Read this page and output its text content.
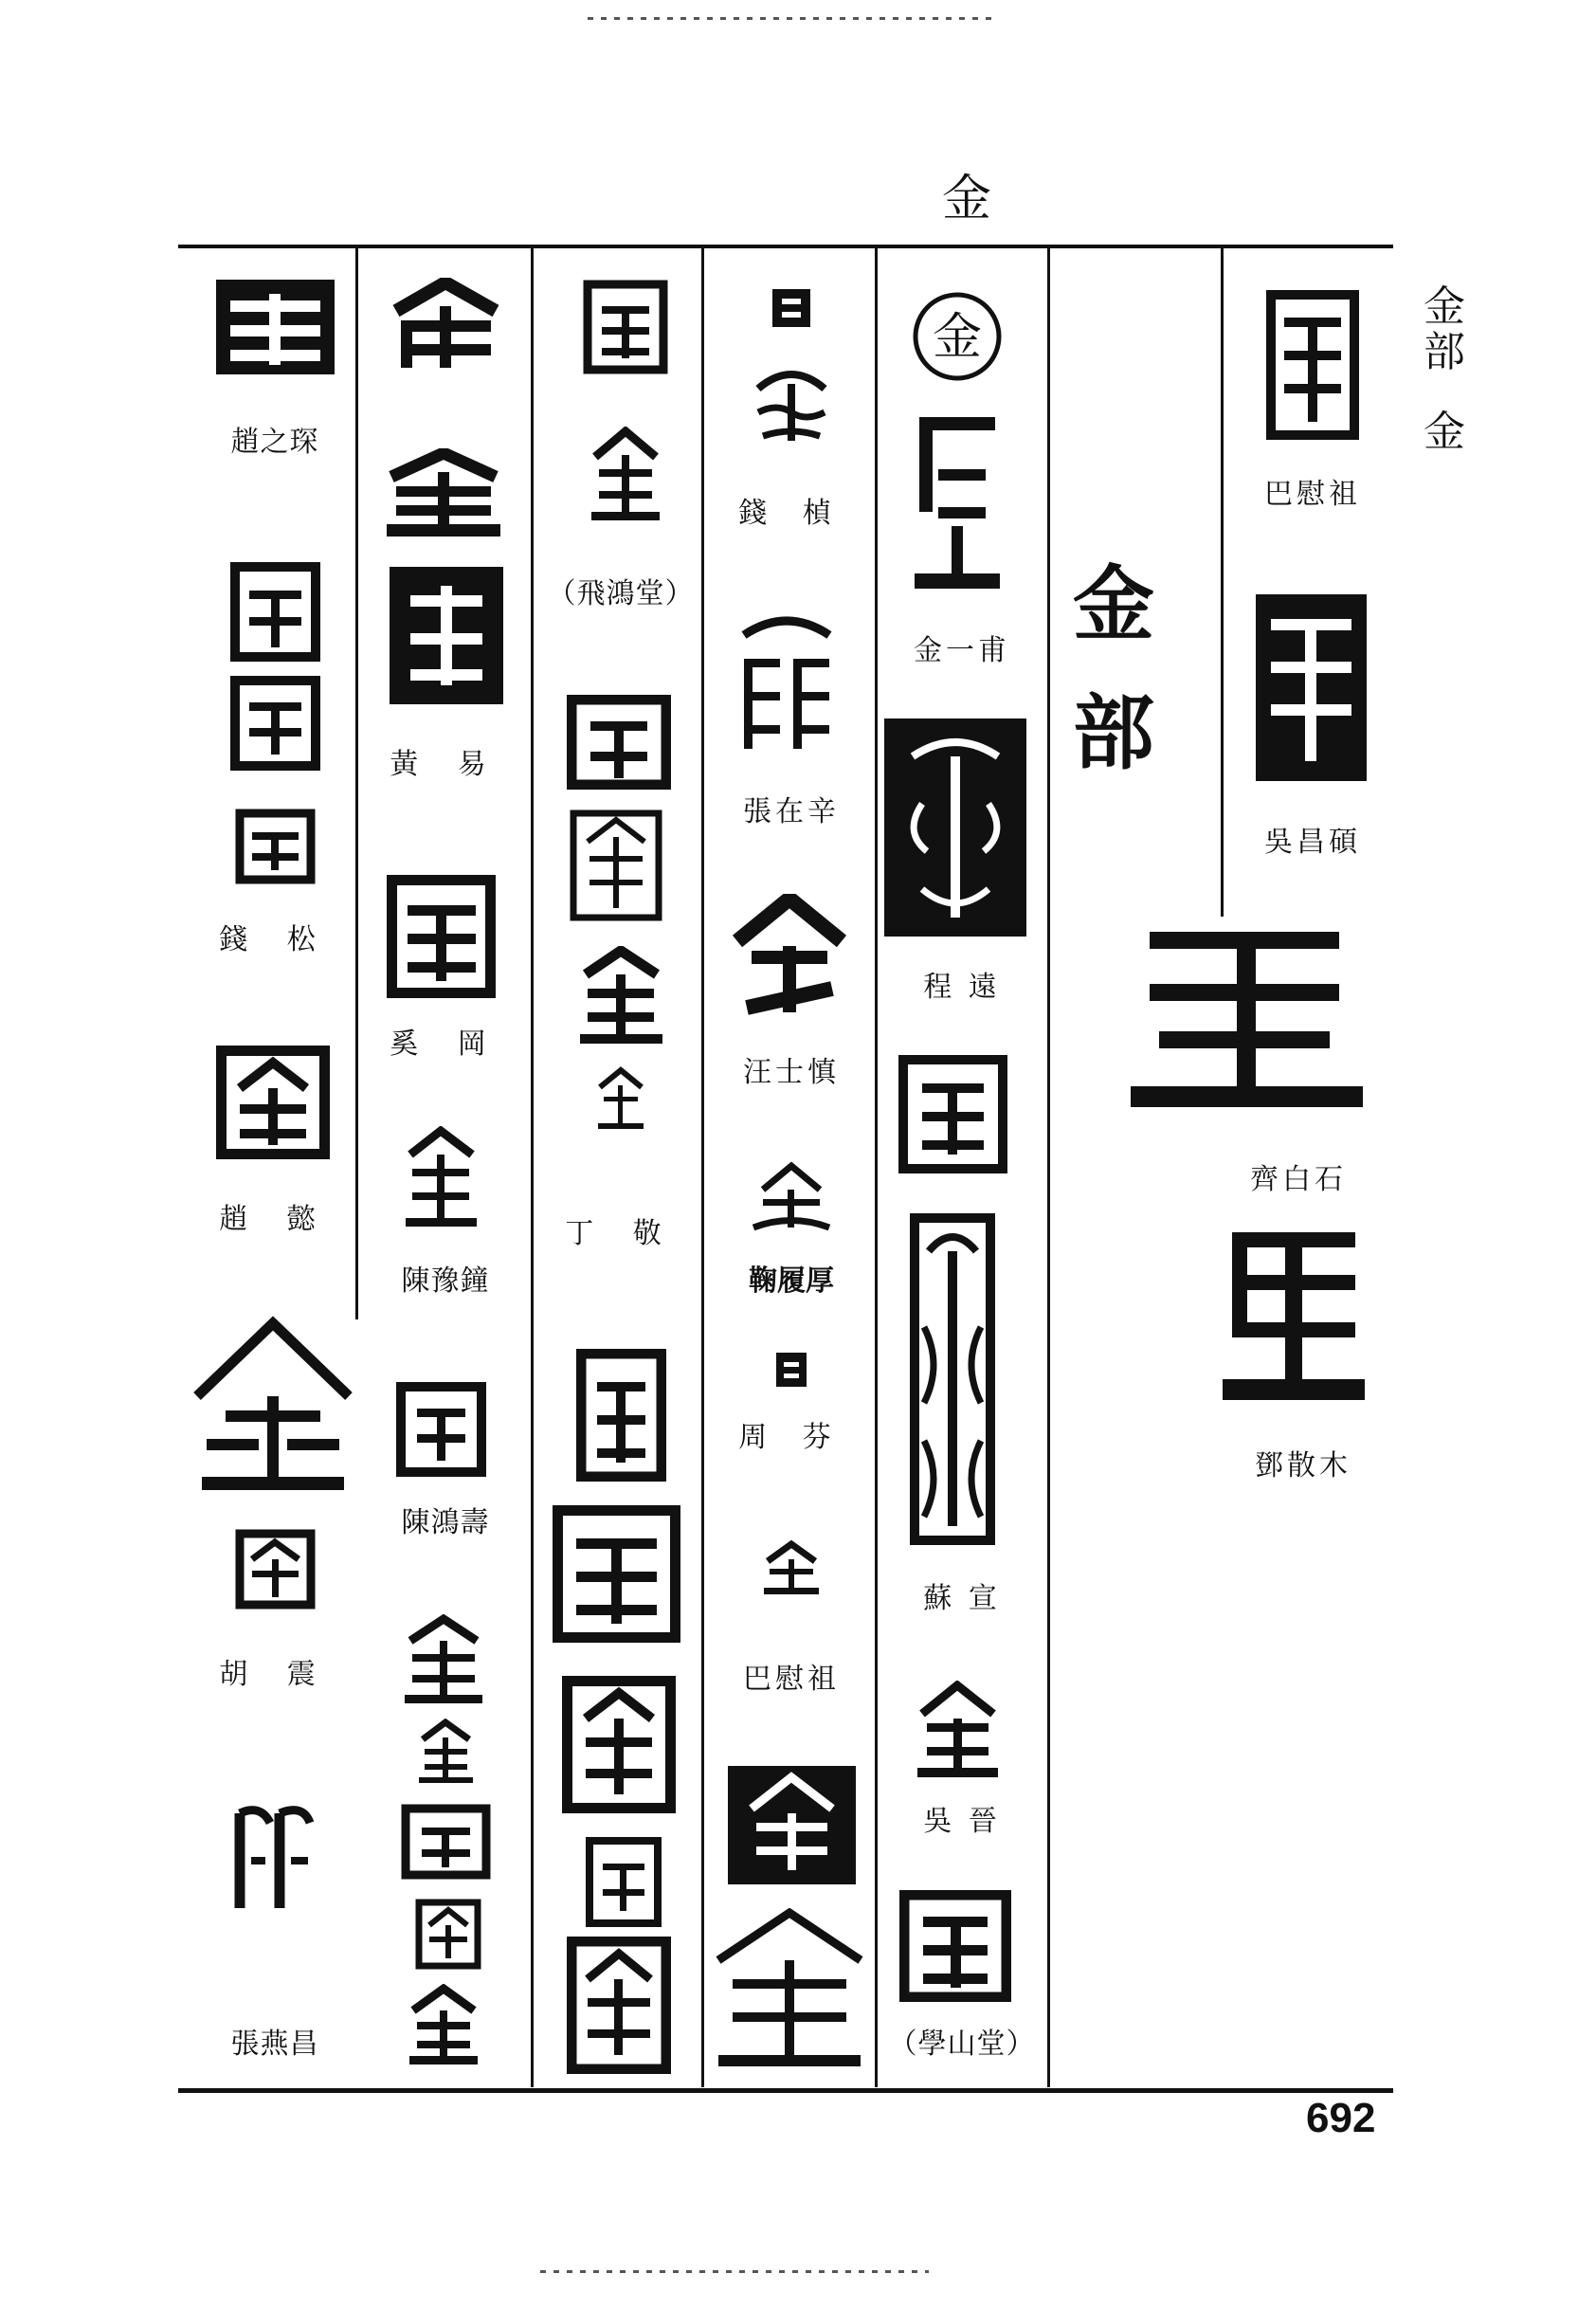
金
金
部
金
金
部
巴慰祖
吳昌碩
齊白石
鄧散木
金
金一甫
程 遠
蘇 宣
吳 晉
（學山堂）
錢 楨
張在辛
汪士慎
鞠履厚
周 芬
巴慰祖
（飛鴻堂）
丁 敬
黃 易
奚 岡
陳豫鐘
陳鴻壽
趙之琛
錢 松
趙 懿
胡 震
張燕昌
692
